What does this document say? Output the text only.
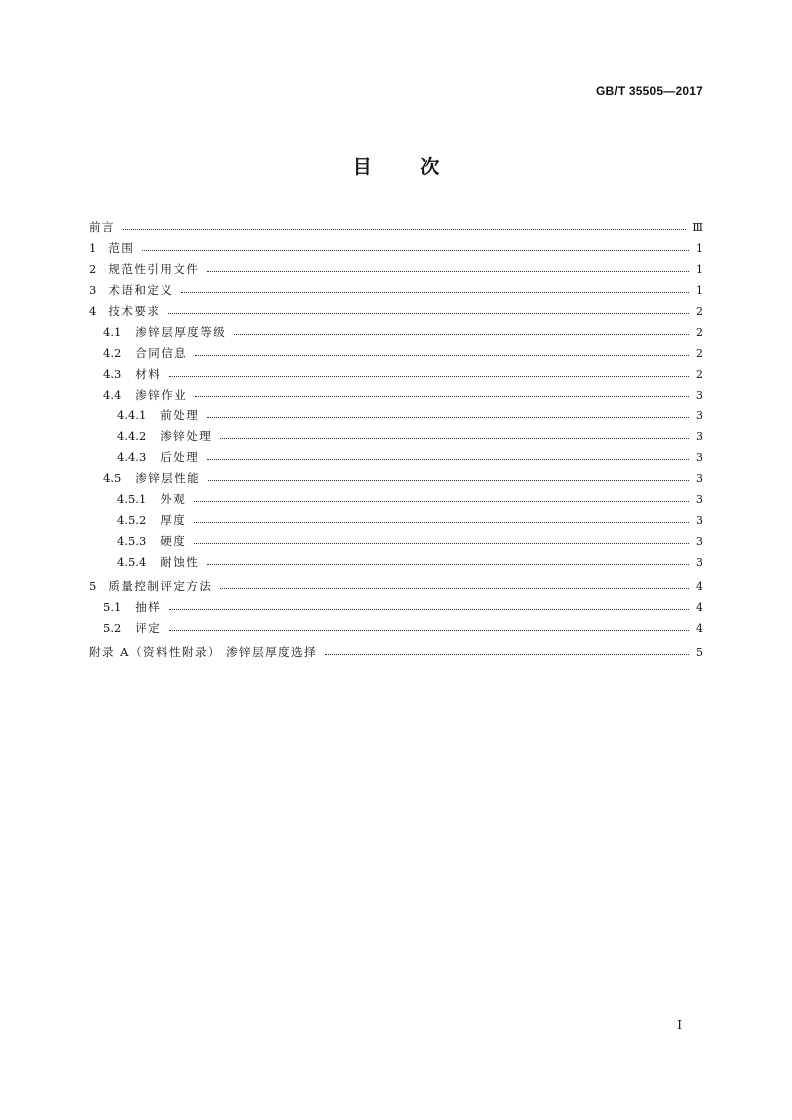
GB/T 35505—2017
目 次
前言	Ⅲ
1 范围	1
2 规范性引用文件	1
3 术语和定义	1
4 技术要求	2
4.1 渗锌层厚度等级	2
4.2 合同信息	2
4.3 材料	2
4.4 渗锌作业	3
4.4.1 前处理	3
4.4.2 渗锌处理	3
4.4.3 后处理	3
4.5 渗锌层性能	3
4.5.1 外观	3
4.5.2 厚度	3
4.5.3 硬度	3
4.5.4 耐蚀性	3
5 质量控制评定方法	4
5.1 抽样	4
5.2 评定	4
附录 A（资料性附录） 渗锌层厚度选择	5
Ⅰ
